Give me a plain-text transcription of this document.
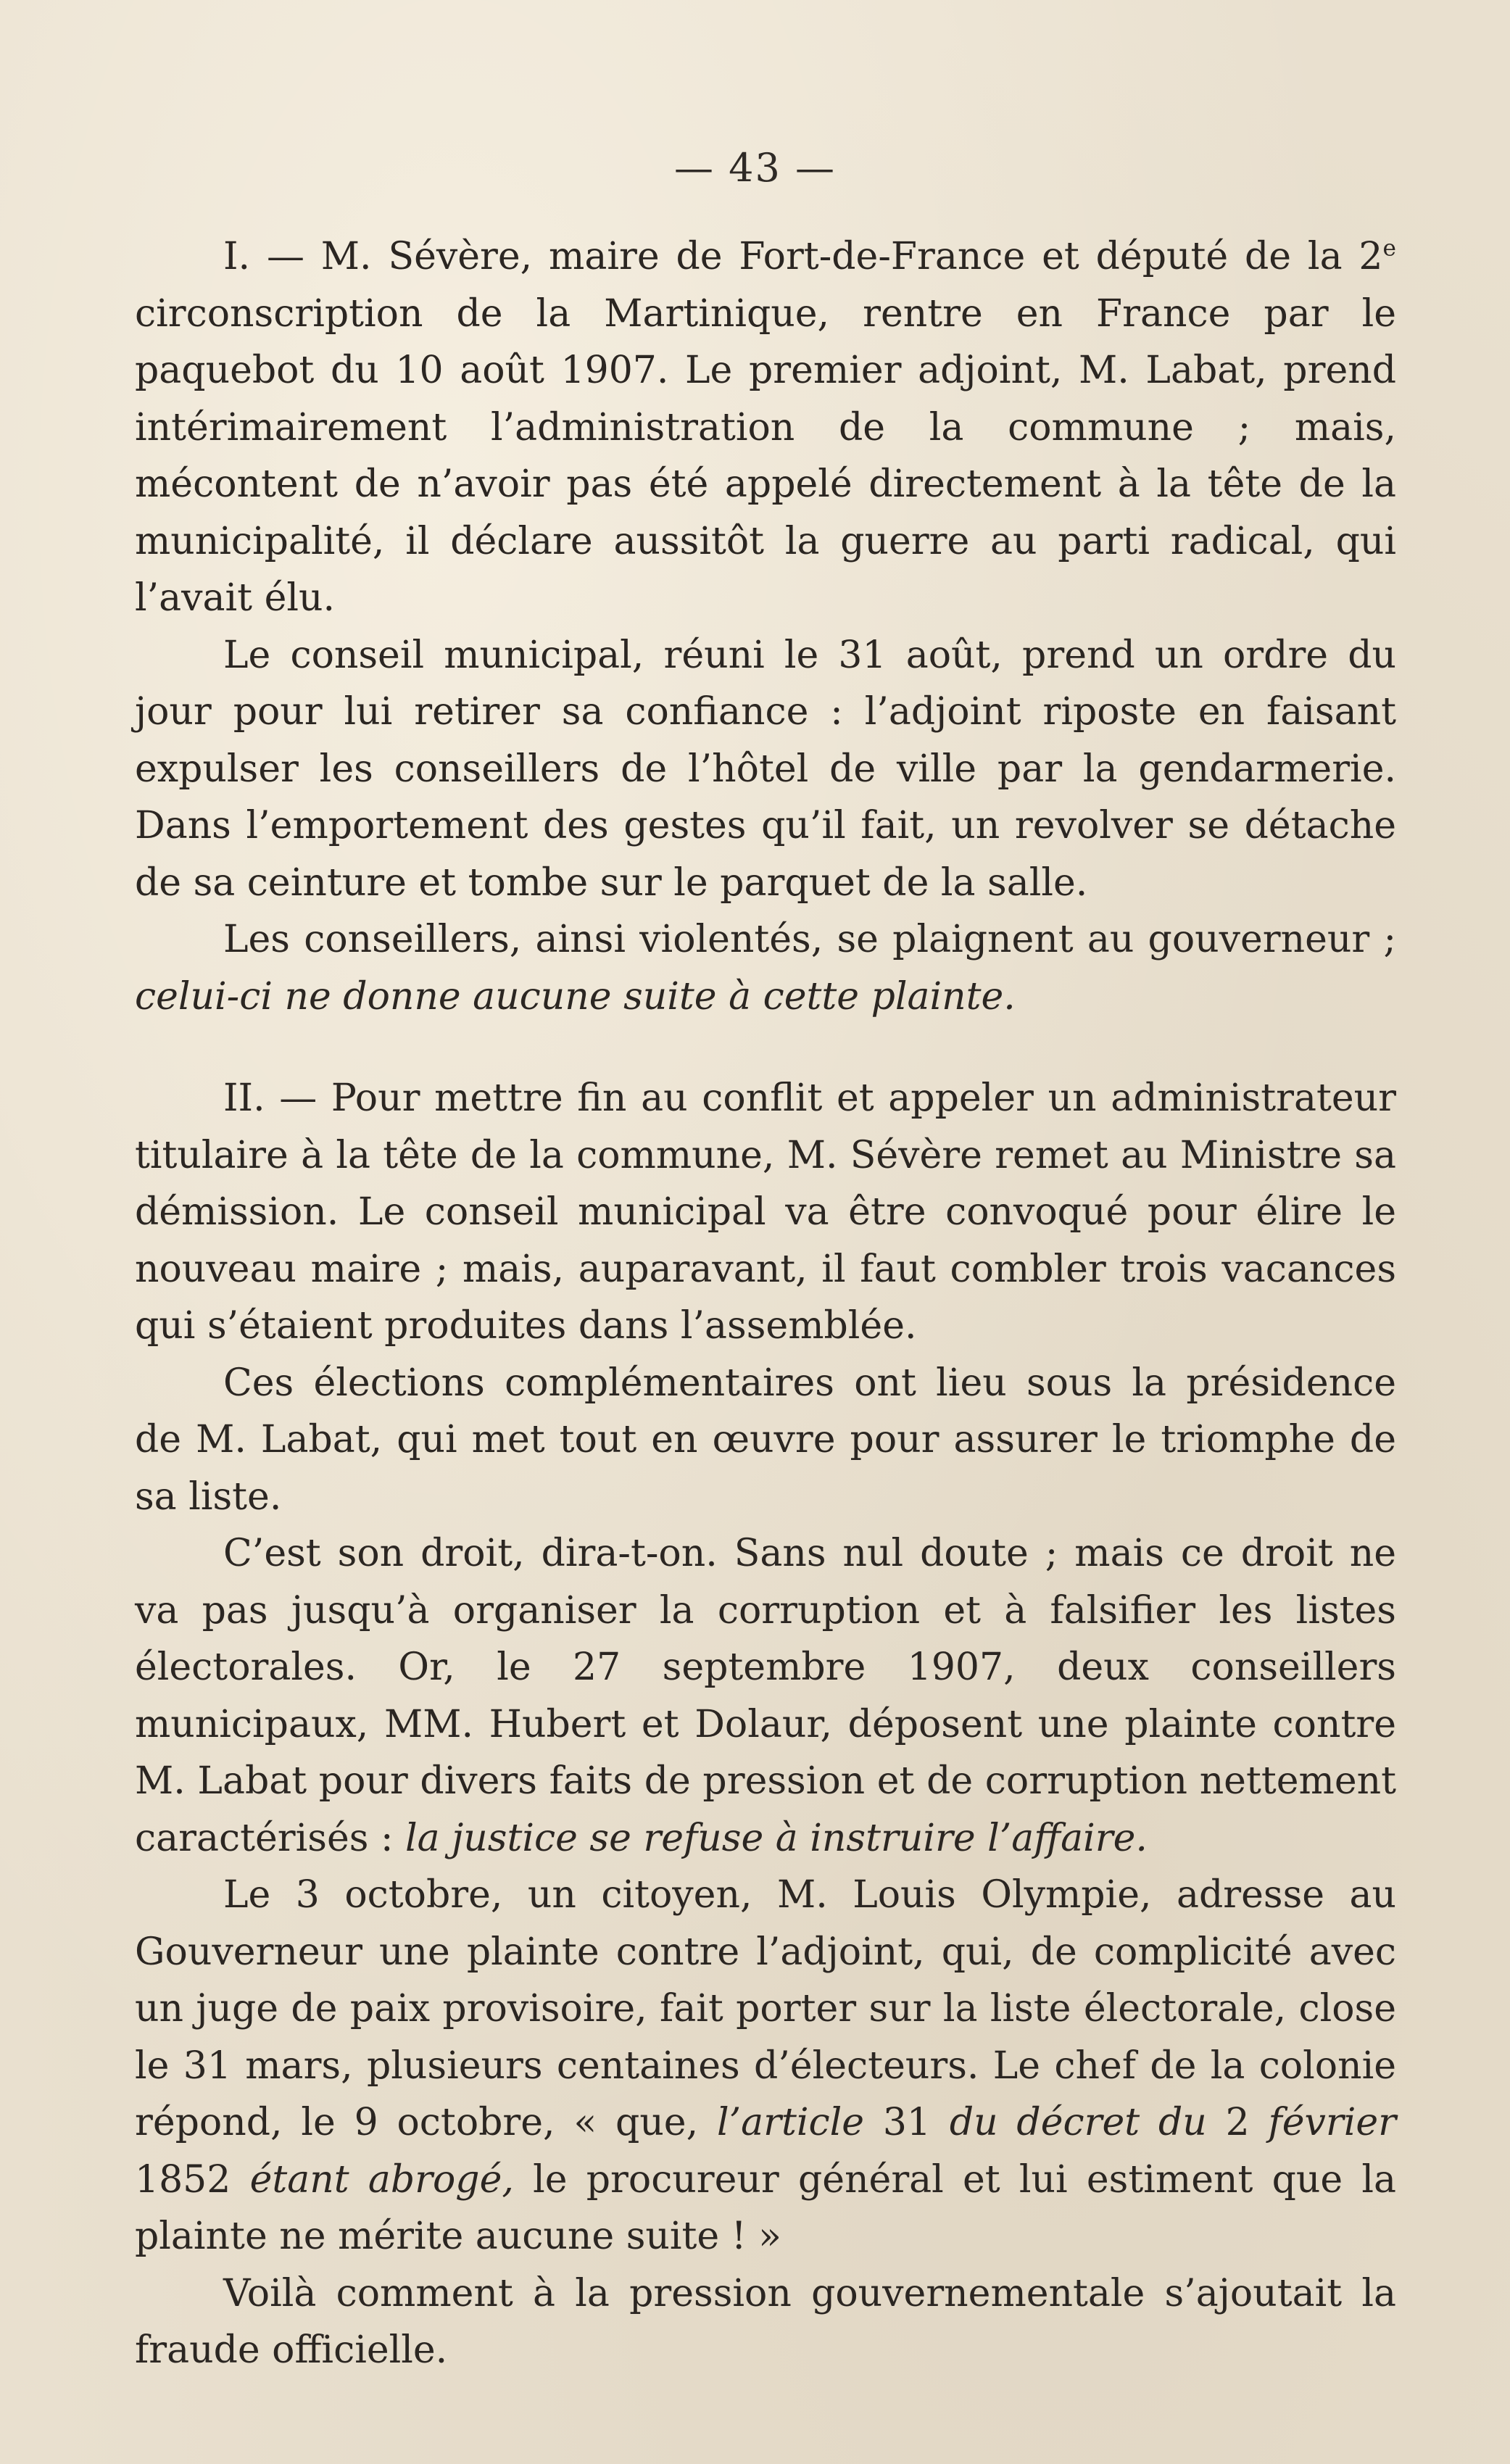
— 43 —

I. — M. Sévère, maire de Fort-de-France et député de la 2e circonscription de la Martinique, rentre en France par le paquebot du 10 août 1907. Le premier adjoint, M. Labat, prend intérimairement l’administration de la commune ; mais, mécontent de n’avoir pas été appelé directement à la tête de la municipalité, il déclare aussitôt la guerre au parti radical, qui l’avait élu.

Le conseil municipal, réuni le 31 août, prend un ordre du jour pour lui retirer sa confiance : l’adjoint riposte en faisant expulser les conseillers de l’hôtel de ville par la gendarmerie. Dans l’emportement des gestes qu’il fait, un revolver se détache de sa ceinture et tombe sur le parquet de la salle.

Les conseillers, ainsi violentés, se plaignent au gouverneur ; celui-ci ne donne aucune suite à cette plainte.

II. — Pour mettre fin au conflit et appeler un administrateur titulaire à la tête de la commune, M. Sévère remet au Ministre sa démission. Le conseil municipal va être convoqué pour élire le nouveau maire ; mais, auparavant, il faut combler trois vacances qui s’étaient produites dans l’assemblée.

Ces élections complémentaires ont lieu sous la présidence de M. Labat, qui met tout en œuvre pour assurer le triomphe de sa liste.

C’est son droit, dira-t-on. Sans nul doute ; mais ce droit ne va pas jusqu’à organiser la corruption et à falsifier les listes électorales. Or, le 27 septembre 1907, deux conseillers municipaux, MM. Hubert et Dolaur, déposent une plainte contre M. Labat pour divers faits de pression et de corruption nettement caractérisés : la justice se refuse à instruire l’affaire.

Le 3 octobre, un citoyen, M. Louis Olympie, adresse au Gouverneur une plainte contre l’adjoint, qui, de complicité avec un juge de paix provisoire, fait porter sur la liste électorale, close le 31 mars, plusieurs centaines d’électeurs. Le chef de la colonie répond, le 9 octobre, « que, l’article 31 du décret du 2 février 1852 étant abrogé, le procureur général et lui estiment que la plainte ne mérite aucune suite ! »

Voilà comment à la pression gouvernementale s’ajoutait la fraude officielle.
